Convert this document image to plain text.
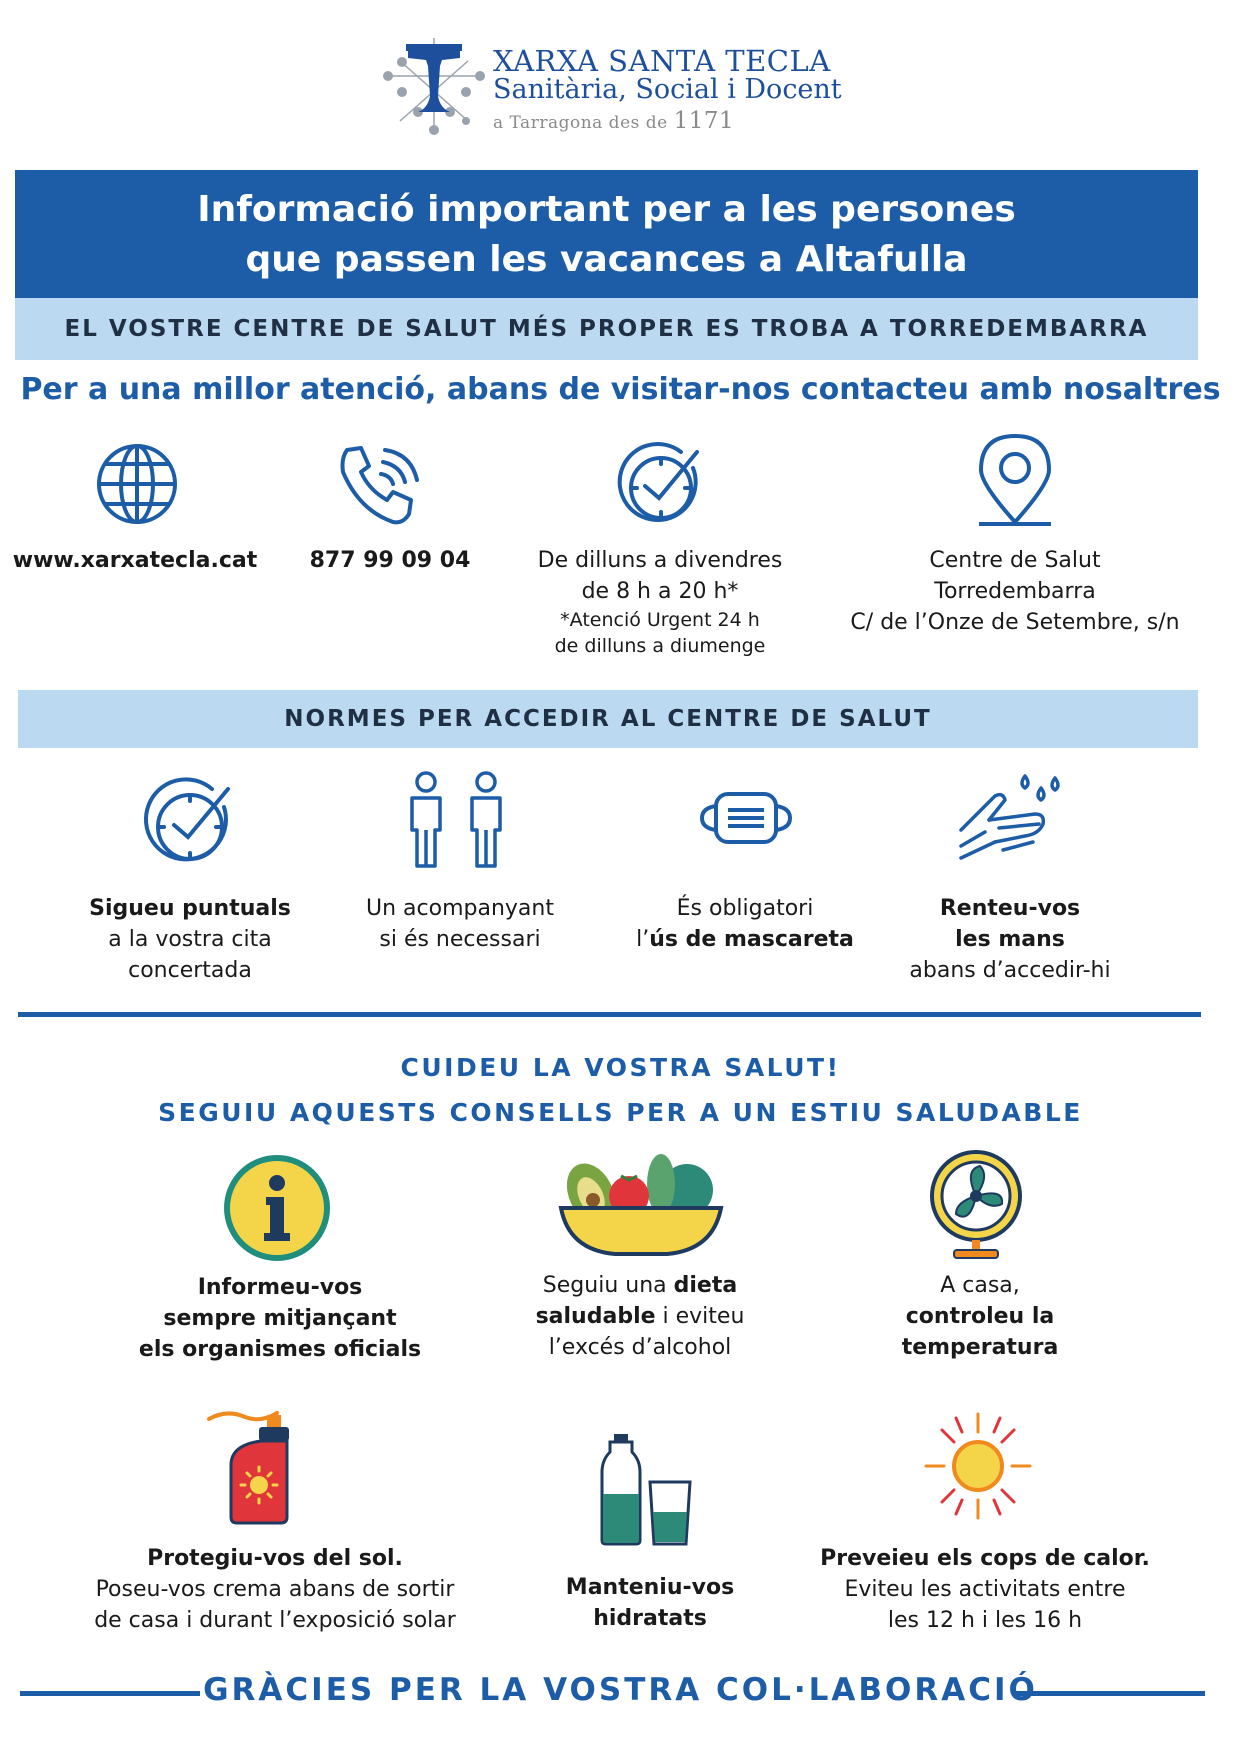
XARXA SANTA TECLA
Sanitària, Social i Docent
a Tarragona des de 1171
Informació important per a les persones
que passen les vacances a Altafulla
EL VOSTRE CENTRE DE SALUT MÉS PROPER ES TROBA A TORREDEMBARRA
Per a una millor atenció, abans de visitar-nos contacteu amb nosaltres
www.xarxatecla.cat	877 99 09 04	De dilluns a divendres
de 8 h a 20 h*
*Atenció Urgent 24 h
de dilluns a diumenge
Centre de Salut
Torredembarra
C/ de l’Onze de Setembre, s/n
NORMES PER ACCEDIR AL CENTRE DE SALUT
Sigueu puntuals
a la vostra cita
concertada
Un acompanyant
si és necessari
És obligatori
l’ús de mascareta
Renteu-vos
les mans
abans d’accedir-hi
CUIDEU LA VOSTRA SALUT!
SEGUIU AQUESTS CONSELLS PER A UN ESTIU SALUDABLE
Informeu-vos
sempre mitjançant
els organismes oficials
Seguiu una dieta
saludable i eviteu
l’excés d’alcohol
A casa,
controleu la
temperatura
Protegiu-vos del sol.
Poseu-vos crema abans de sortir
de casa i durant l’exposició solar
Manteniu-vos
hidratats
Preveieu els cops de calor.
Eviteu les activitats entre
les 12 h i les 16 h
GRÀCIES PER LA VOSTRA COL·LABORACIÓ
